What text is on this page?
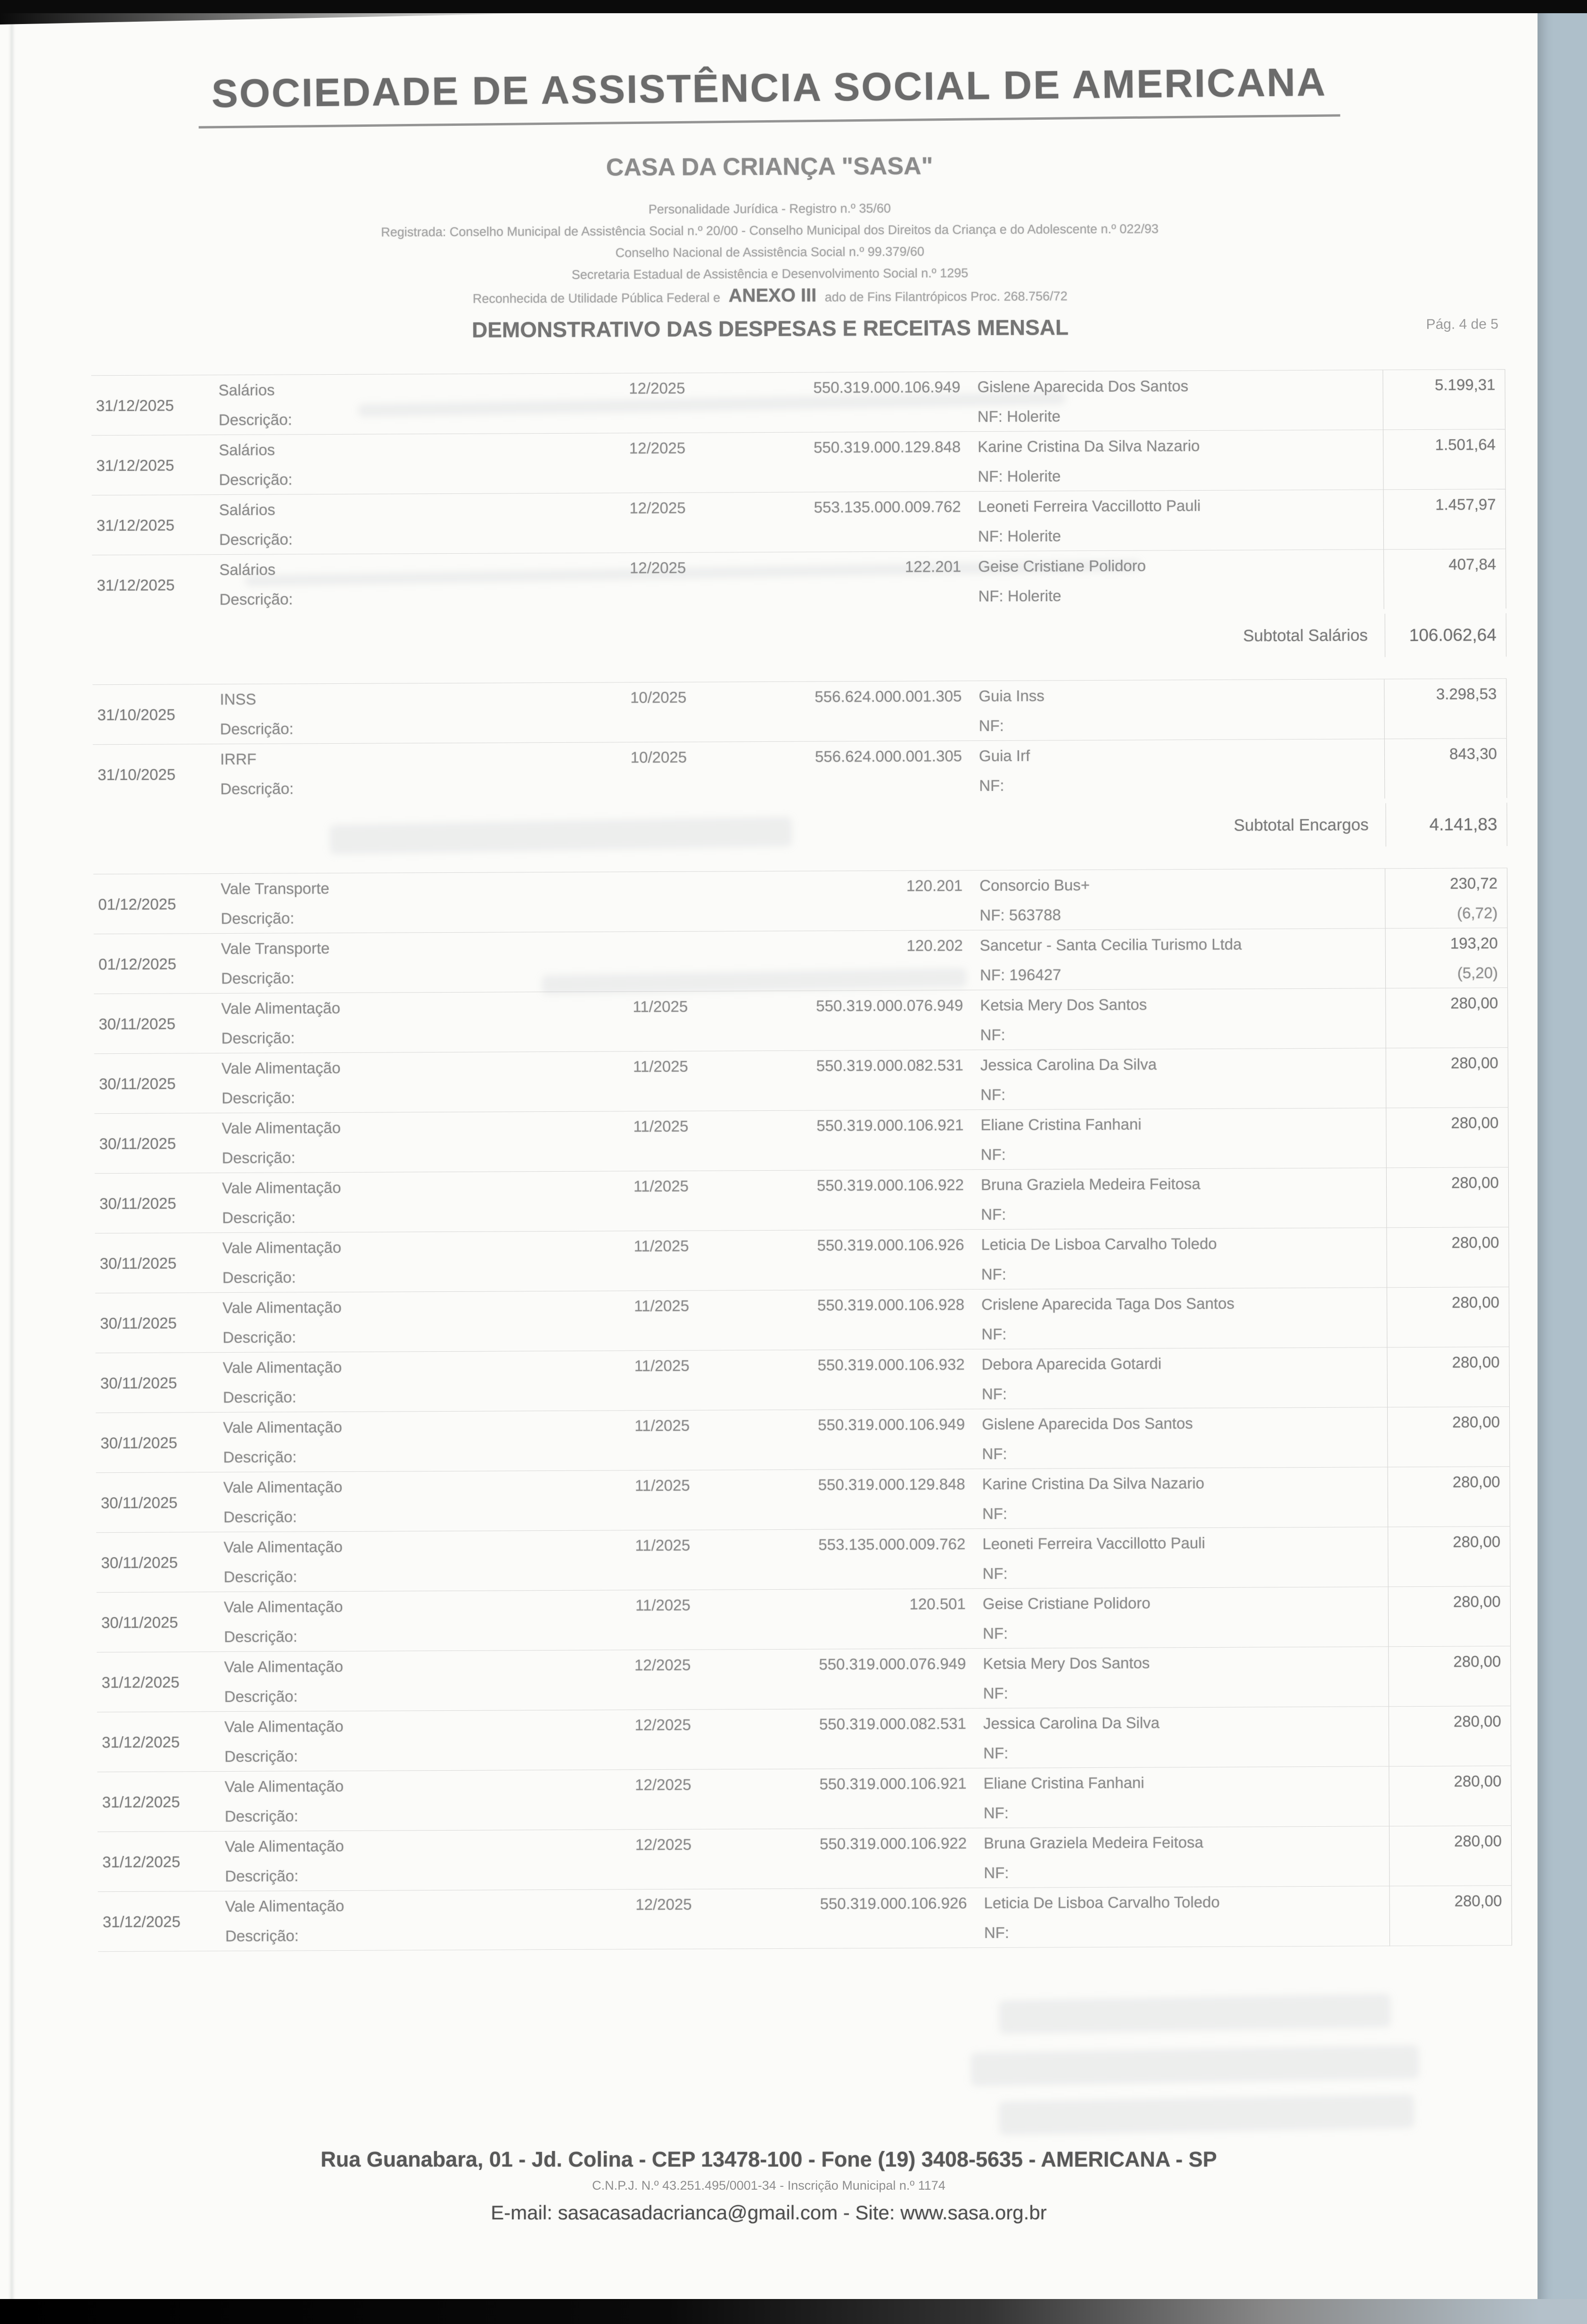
SOCIEDADE DE ASSISTÊNCIA SOCIAL DE AMERICANA
CASA DA CRIANÇA "SASA"
Personalidade Jurídica - Registro n.º 35/60
Registrada: Conselho Municipal de Assistência Social n.º 20/00 - Conselho Municipal dos Direitos da Criança e do Adolescente n.º 022/93
Conselho Nacional de Assistência Social n.º 99.379/60
Secretaria Estadual de Assistência e Desenvolvimento Social n.º 1295
Reconhecida de Utilidade Pública Federal e ANEXO III ado de Fins Filantrópicos Proc. 268.756/72
DEMONSTRATIVO DAS DESPESAS E RECEITAS MENSAL	Pág. 4 de 5
31/12/2025
Salários	12/2025	550.319.000.106.949	Gislene Aparecida Dos Santos	5.199,31
Descrição:	NF: Holerite
31/12/2025
Salários	12/2025	550.319.000.129.848	Karine Cristina Da Silva Nazario	1.501,64
Descrição:	NF: Holerite
31/12/2025
Salários	12/2025	553.135.000.009.762	Leoneti Ferreira Vaccillotto Pauli	1.457,97
Descrição:	NF: Holerite
31/12/2025
Salários	12/2025	122.201	Geise Cristiane Polidoro	407,84
Descrição:	NF: Holerite
Subtotal Salários	106.062,64
31/10/2025
INSS	10/2025	556.624.000.001.305	Guia Inss	3.298,53
Descrição:	NF:
31/10/2025
IRRF	10/2025	556.624.000.001.305	Guia Irf	843,30
Descrição:	NF:
Subtotal Encargos	4.141,83
01/12/2025
Vale Transporte	120.201	Consorcio Bus+	230,72
Descrição:	NF: 563788	(6,72)
01/12/2025
Vale Transporte	120.202	Sancetur - Santa Cecilia Turismo Ltda	193,20
Descrição:	NF: 196427	(5,20)
30/11/2025
Vale Alimentação	11/2025	550.319.000.076.949	Ketsia Mery Dos Santos	280,00
Descrição:	NF:
30/11/2025
Vale Alimentação	11/2025	550.319.000.082.531	Jessica Carolina Da Silva	280,00
Descrição:	NF:
30/11/2025
Vale Alimentação	11/2025	550.319.000.106.921	Eliane Cristina Fanhani	280,00
Descrição:	NF:
30/11/2025
Vale Alimentação	11/2025	550.319.000.106.922	Bruna Graziela Medeira Feitosa	280,00
Descrição:	NF:
30/11/2025
Vale Alimentação	11/2025	550.319.000.106.926	Leticia De Lisboa Carvalho Toledo	280,00
Descrição:	NF:
30/11/2025
Vale Alimentação	11/2025	550.319.000.106.928	Crislene Aparecida Taga Dos Santos	280,00
Descrição:	NF:
30/11/2025
Vale Alimentação	11/2025	550.319.000.106.932	Debora Aparecida Gotardi	280,00
Descrição:	NF:
30/11/2025
Vale Alimentação	11/2025	550.319.000.106.949	Gislene Aparecida Dos Santos	280,00
Descrição:	NF:
30/11/2025
Vale Alimentação	11/2025	550.319.000.129.848	Karine Cristina Da Silva Nazario	280,00
Descrição:	NF:
30/11/2025
Vale Alimentação	11/2025	553.135.000.009.762	Leoneti Ferreira Vaccillotto Pauli	280,00
Descrição:	NF:
30/11/2025
Vale Alimentação	11/2025	120.501	Geise Cristiane Polidoro	280,00
Descrição:	NF:
31/12/2025
Vale Alimentação	12/2025	550.319.000.076.949	Ketsia Mery Dos Santos	280,00
Descrição:	NF:
31/12/2025
Vale Alimentação	12/2025	550.319.000.082.531	Jessica Carolina Da Silva	280,00
Descrição:	NF:
31/12/2025
Vale Alimentação	12/2025	550.319.000.106.921	Eliane Cristina Fanhani	280,00
Descrição:	NF:
31/12/2025
Vale Alimentação	12/2025	550.319.000.106.922	Bruna Graziela Medeira Feitosa	280,00
Descrição:	NF:
31/12/2025
Vale Alimentação	12/2025	550.319.000.106.926	Leticia De Lisboa Carvalho Toledo	280,00
Descrição:	NF:
Rua Guanabara, 01 - Jd. Colina - CEP 13478-100 - Fone (19) 3408-5635 - AMERICANA - SP
C.N.P.J. N.º 43.251.495/0001-34 - Inscrição Municipal n.º 1174
E-mail: sasacasadacrianca@gmail.com - Site: www.sasa.org.br
